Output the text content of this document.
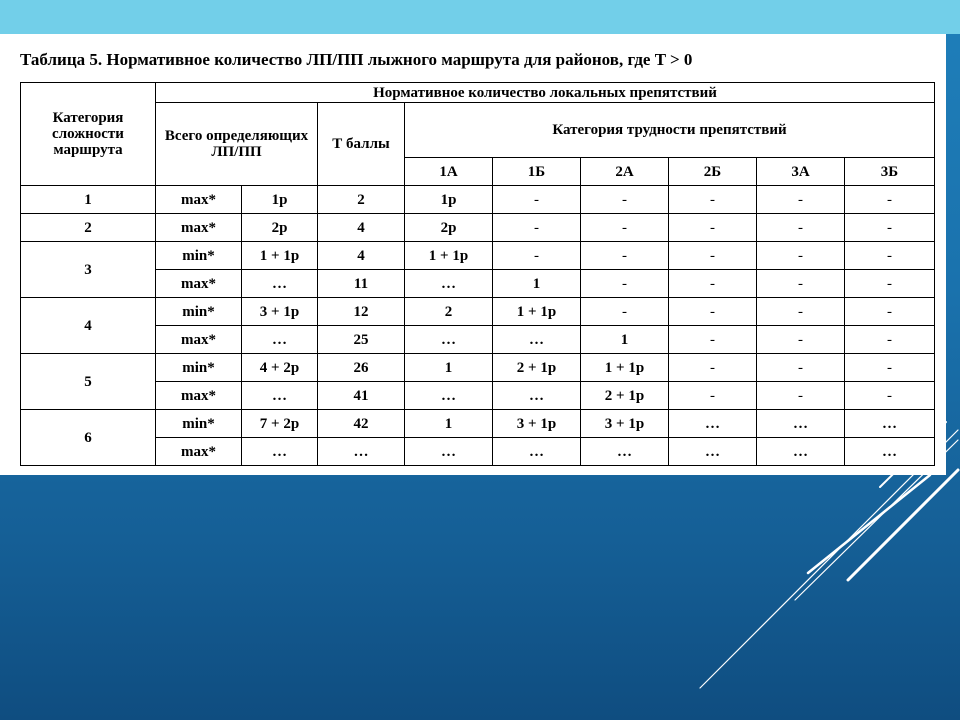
Таблица 5. Нормативное количество ЛП/ПП лыжного маршрута для районов, где T > 0
Категория сложности маршрута	Нормативное количество локальных препятствий								
	Всего определяющих ЛП/ПП		Т баллы	Категория трудности препятствий					
				1А	1Б	2А	2Б	3А	3Б
1	max*	1р	2	1р	-	-	-	-	-
2	max*	2р	4	2р	-	-	-	-	-
3	min*	1 + 1р	4	1 + 1р	-	-	-	-	-
	max*	…	11	…	1	-	-	-	-
4	min*	3 + 1р	12	2	1 + 1р	-	-	-	-
	max*	…	25	…	…	1	-	-	-
5	min*	4 + 2р	26	1	2 + 1р	1 + 1р	-	-	-
	max*	…	41	…	…	2 + 1р	-	-	-
6	min*	7 + 2р	42	1	3 + 1р	3 + 1р	…	…	…
	max*	…	…	…	…	…	…	…	…
